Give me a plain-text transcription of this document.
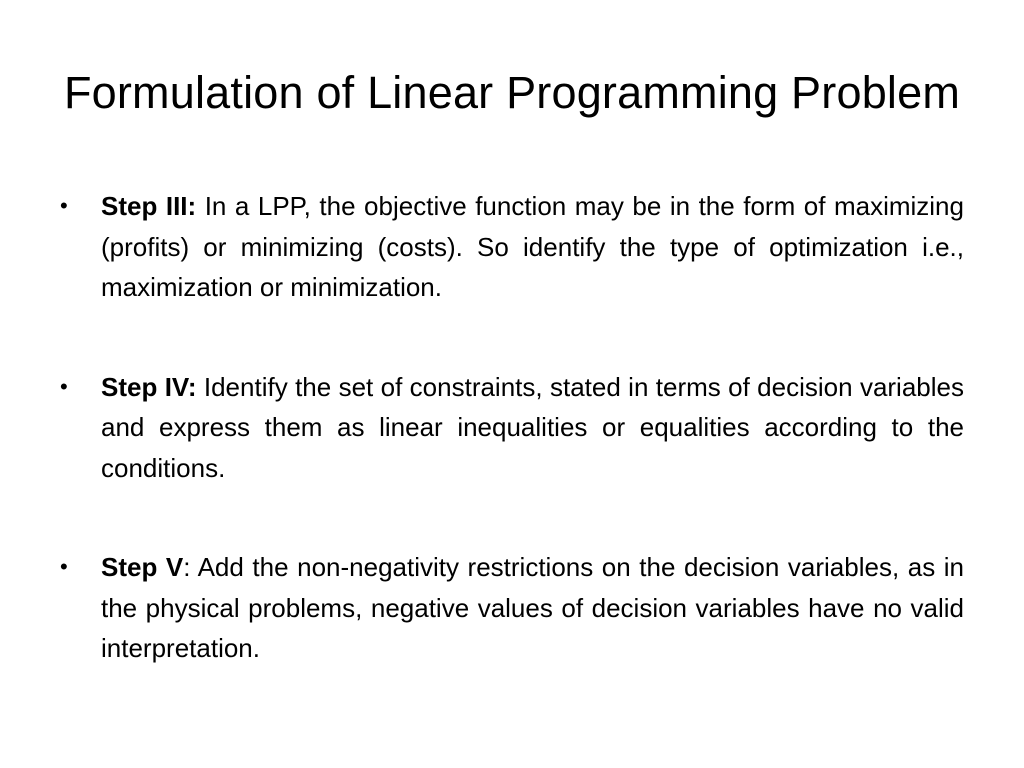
Formulation of Linear Programming Problem
•	Step III: In a LPP, the objective function may be in the form of maximizing (profits) or minimizing (costs). So identify the type of optimization i.e., maximization or minimization.
•	Step IV: Identify the set of constraints, stated in terms of decision variables and express them as linear inequalities or equalities according to the conditions.
•	Step V: Add the non-negativity restrictions on the decision variables, as in the physical problems, negative values of decision variables have no valid interpretation.
